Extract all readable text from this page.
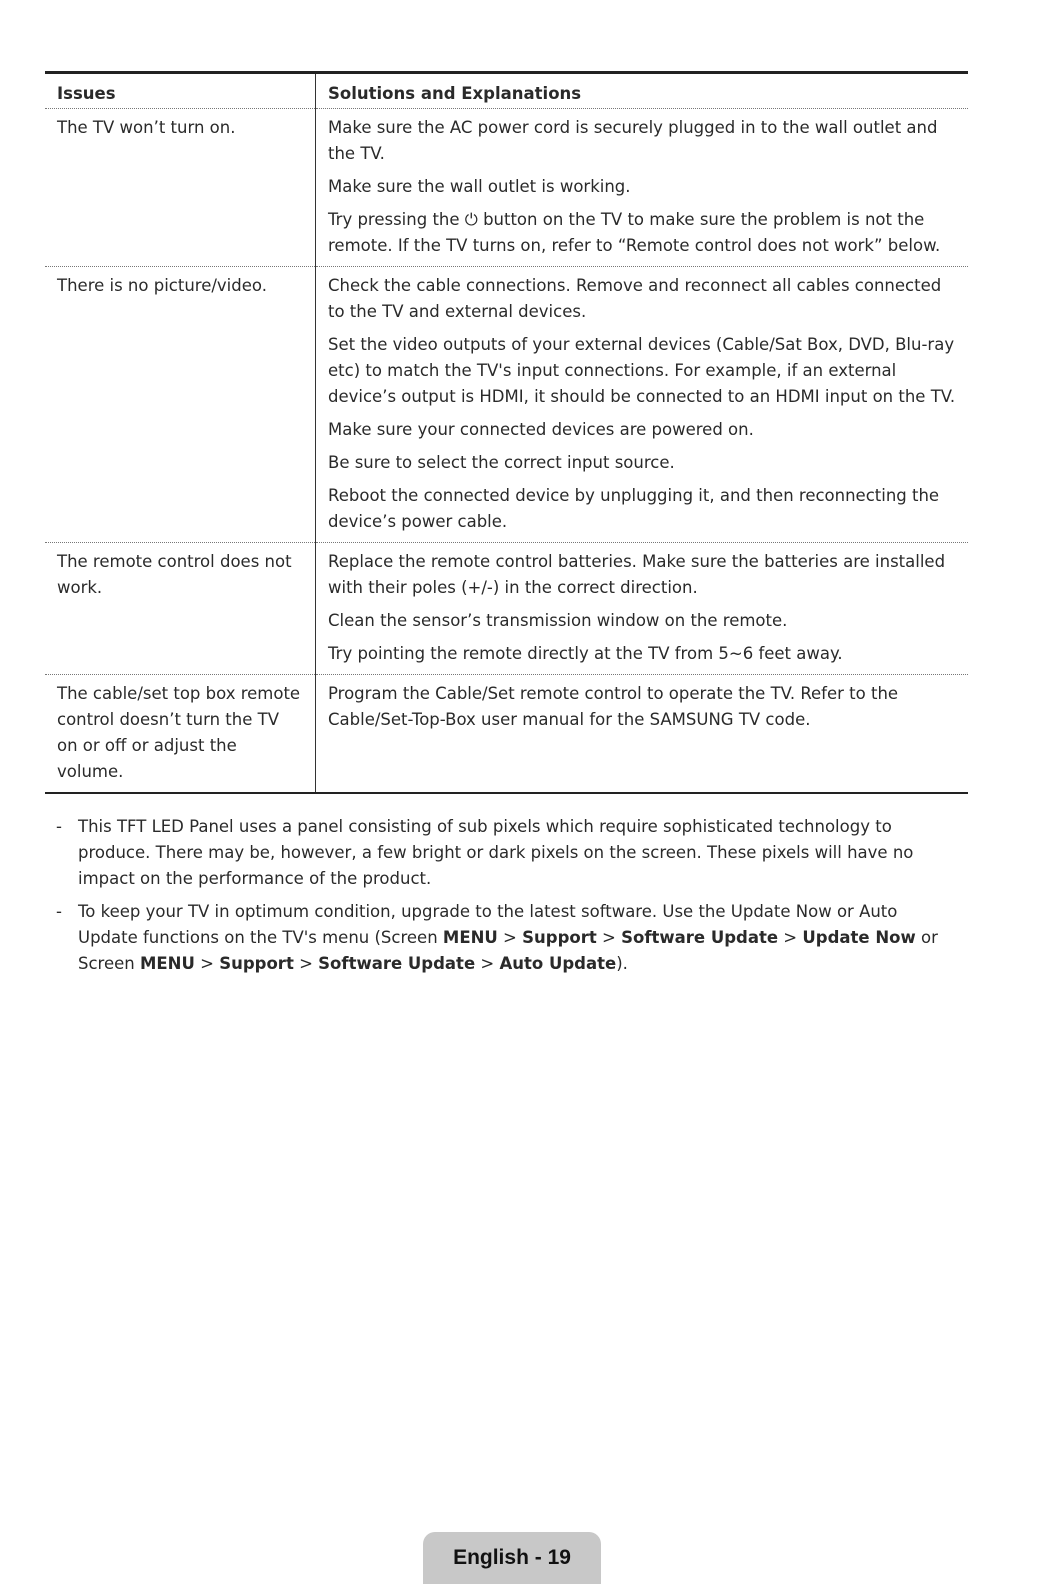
Issues	Solutions and Explanations
The TV won’t turn on.	Make sure the AC power cord is securely plugged in to the wall outlet and the TV.

Make sure the wall outlet is working.

Try pressing the ⏻ button on the TV to make sure the problem is not the remote. If the TV turns on, refer to “Remote control does not work” below.

There is no picture/video.	Check the cable connections. Remove and reconnect all cables connected to the TV and external devices.

Set the video outputs of your external devices (Cable/Sat Box, DVD, Blu-ray etc) to match the TV's input connections. For example, if an external device’s output is HDMI, it should be connected to an HDMI input on the TV.

Make sure your connected devices are powered on.

Be sure to select the correct input source.

Reboot the connected device by unplugging it, and then reconnecting the device’s power cable.

The remote control does not work.	Replace the remote control batteries. Make sure the batteries are installed with their poles (+/-) in the correct direction.

Clean the sensor’s transmission window on the remote.

Try pointing the remote directly at the TV from 5~6 feet away.

The cable/set top box remote control doesn’t turn the TV on or off or adjust the volume.	Program the Cable/Set remote control to operate the TV. Refer to the Cable/Set-Top-Box user manual for the SAMSUNG TV code.

- This TFT LED Panel uses a panel consisting of sub pixels which require sophisticated technology to produce. There may be, however, a few bright or dark pixels on the screen. These pixels will have no impact on the performance of the product.
- To keep your TV in optimum condition, upgrade to the latest software. Use the Update Now or Auto Update functions on the TV's menu (Screen MENU > Support > Software Update > Update Now or Screen MENU > Support > Software Update > Auto Update).
English - 19
